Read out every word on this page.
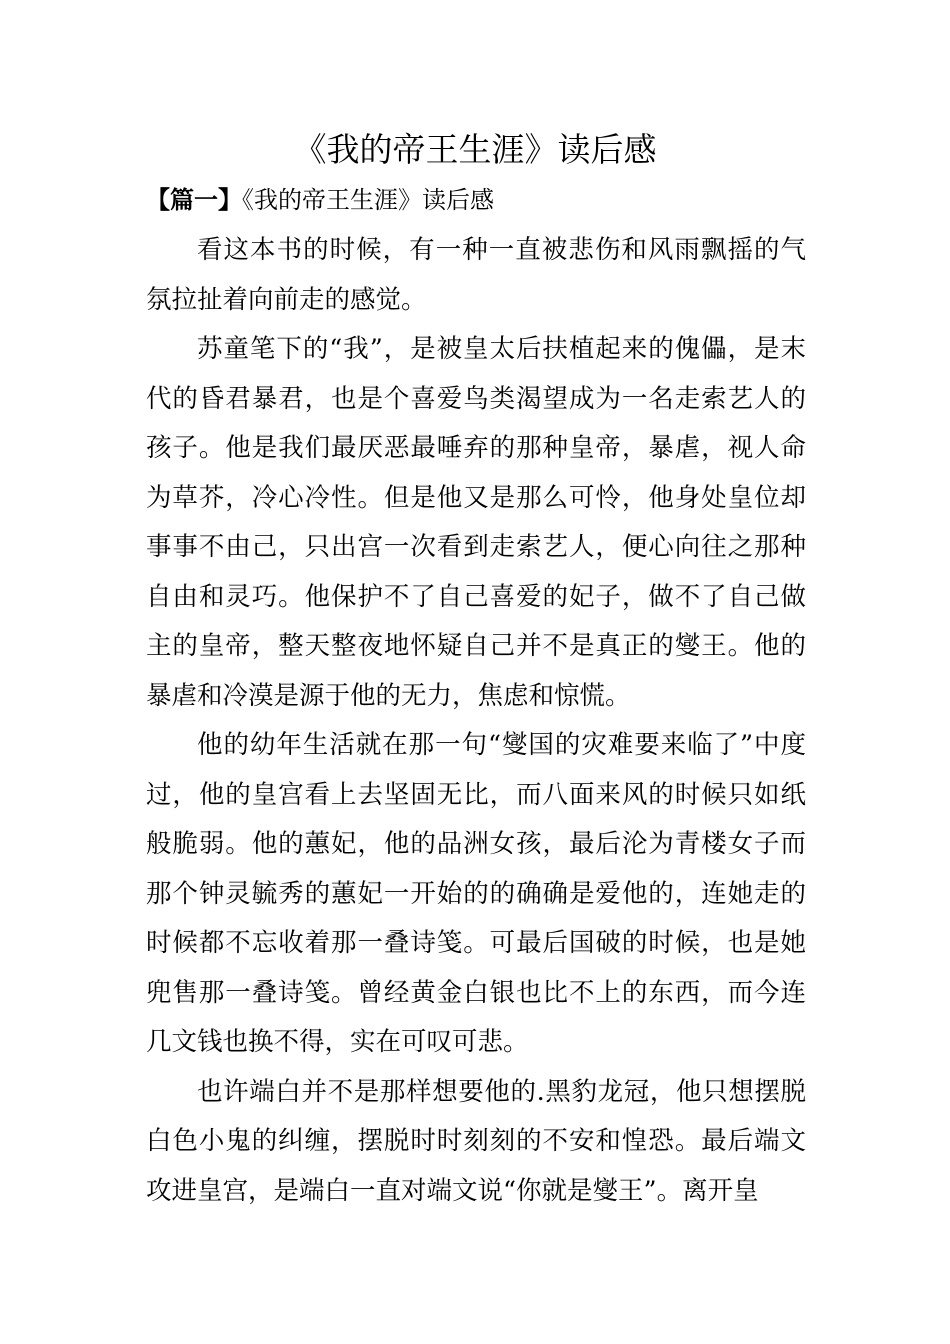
《我的帝王生涯》读后感
【篇一】《我的帝王生涯》读后感

看这本书的时候，有一种一直被悲伤和风雨飘摇的气氛拉扯着向前走的感觉。

苏童笔下的“我”，是被皇太后扶植起来的傀儡，是末代的昏君暴君，也是个喜爱鸟类渴望成为一名走索艺人的孩子。他是我们最厌恶最唾弃的那种皇帝，暴虐，视人命为草芥，冷心冷性。但是他又是那么可怜，他身处皇位却事事不由己，只出宫一次看到走索艺人，便心向往之那种自由和灵巧。他保护不了自己喜爱的妃子，做不了自己做主的皇帝，整天整夜地怀疑自己并不是真正的燮王。他的暴虐和冷漠是源于他的无力，焦虑和惊慌。

他的幼年生活就在那一句“燮国的灾难要来临了”中度过，他的皇宫看上去坚固无比，而八面来风的时候只如纸般脆弱。他的蕙妃，他的品洲女孩，最后沦为青楼女子而那个钟灵毓秀的蕙妃一开始的的确确是爱他的，连她走的时候都不忘收着那一叠诗笺。可最后国破的时候，也是她兜售那一叠诗笺。曾经黄金白银也比不上的东西，而今连几文钱也换不得，实在可叹可悲。

也许端白并不是那样想要他的.黑豹龙冠，他只想摆脱白色小鬼的纠缠，摆脱时时刻刻的不安和惶恐。最后端文攻进皇宫，是端白一直对端文说“你就是燮王”。离开皇
